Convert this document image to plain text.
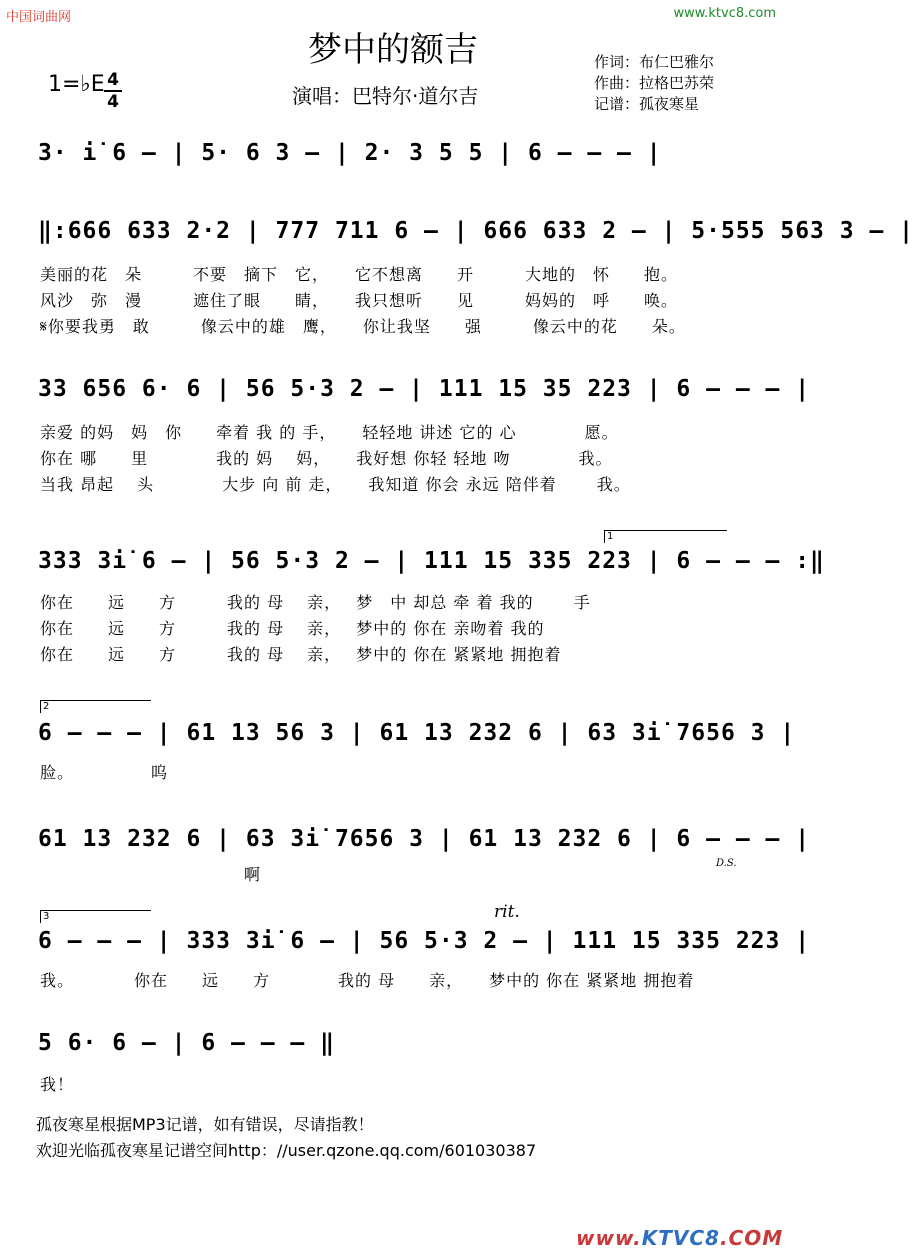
中国词曲网	www.ktvc8.com
梦中的额吉
1=♭E 4
4	演唱：巴特尔·道尔吉
作词：布仁巴雅尔
作曲：拉格巴苏荣
记谱：孤夜寒星
3· i̇ 6 – | 5· 6 3 – | 2· 3 5 5 | 6 – – – |
‖:666 633 2·2 | 777 711 6 – | 666 633 2 – | 5·555 563 3 – |
美丽的花　朵　　　不要　摘下　它，　　它不想离　　开　　　大地的　怀　　抱。
风沙　弥　漫　　　遮住了眼　　睛，　　我只想听　　见　　　妈妈的　呼　　唤。
𝄋你要我勇　敢　　　像云中的雄　鹰，　　你让我坚　　强　　　像云中的花　　朵。
33 656 6· 6 | 56 5·3 2 – | 111 15 35 223 | 6 – – – |
亲爱 的妈　妈　你　　牵着 我 的 手，　　轻轻地 讲述 它的 心　　　　愿。
你在 哪　　里　　　　我的 妈　 妈，　　我好想 你轻 轻地 吻　　　　我。
当我 昂起　 头　　　　大步 向 前 走，　　我知道 你会 永远 陪伴着　　 我。
1
333 3i̇ 6 – | 56 5·3 2 – | 111 15 335 223 | 6 – – – :‖
你在　　远　　方　　　我的 母　 亲，　 梦　中 却总 牵 着 我的　　 手
你在　　远　　方　　　我的 母　 亲，　 梦中的 你在 亲吻着 我的
你在　　远　　方　　　我的 母　 亲，　 梦中的 你在 紧紧地 拥抱着
2
6 – – – | 61 13 56 3 | 61 13 232 6 | 63 3i̇ 7656 3 |
脸。　　　　　呜
61 13 232 6 | 63 3i̇ 7656 3 | 61 13 232 6 | 6 – – – |
D.S.
　　　　　　　　　　　　啊
rit.
3
6 – – – | 333 3i̇ 6 – | 56 5·3 2 – | 111 15 335 223 |
我。　　　　你在　　远　　方　　　　我的 母　　亲，　　梦中的 你在 紧紧地 拥抱着
5 6· 6 – | 6 – – – ‖
我！
孤夜寒星根据MP3记谱，如有错误，尽请指教！
欢迎光临孤夜寒星记谱空间http：//user.qzone.qq.com/601030387
www.KTVC8.COM
